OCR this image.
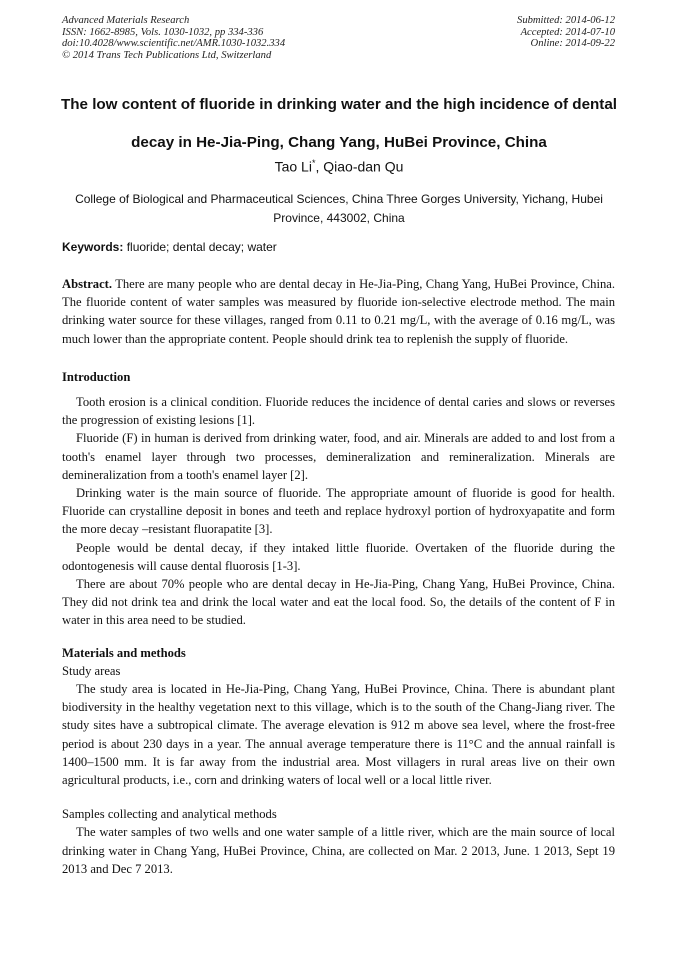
Advanced Materials Research
ISSN: 1662-8985, Vols. 1030-1032, pp 334-336
doi:10.4028/www.scientific.net/AMR.1030-1032.334
© 2014 Trans Tech Publications Ltd, Switzerland
Submitted: 2014-06-12
Accepted: 2014-07-10
Online: 2014-09-22
The low content of fluoride in drinking water and the high incidence of dental decay in He-Jia-Ping, Chang Yang, HuBei Province, China
Tao Li*, Qiao-dan Qu
College of Biological and Pharmaceutical Sciences, China Three Gorges University, Yichang, Hubei Province, 443002, China
Keywords: fluoride; dental decay; water

Abstract. There are many people who are dental decay in He-Jia-Ping, Chang Yang, HuBei Province, China. The fluoride content of water samples was measured by fluoride ion-selective electrode method. The main drinking water source for these villages, ranged from 0.11 to 0.21 mg/L, with the average of 0.16 mg/L, was much lower than the appropriate content. People should drink tea to replenish the supply of fluoride.

Introduction

Tooth erosion is a clinical condition. Fluoride reduces the incidence of dental caries and slows or reverses the progression of existing lesions [1].

Fluoride (F) in human is derived from drinking water, food, and air. Minerals are added to and lost from a tooth's enamel layer through two processes, demineralization and remineralization. Minerals are demineralization from a tooth's enamel layer [2].

Drinking water is the main source of fluoride. The appropriate amount of fluoride is good for health. Fluoride can crystalline deposit in bones and teeth and replace hydroxyl portion of hydroxyapatite and form the more decay –resistant fluorapatite [3].

People would be dental decay, if they intaked little fluoride. Overtaken of the fluoride during the odontogenesis will cause dental fluorosis [1-3].

There are about 70% people who are dental decay in He-Jia-Ping, Chang Yang, HuBei Province, China. They did not drink tea and drink the local water and eat the local food. So, the details of the content of F in water in this area need to be studied.

Materials and methods
Study areas

The study area is located in He-Jia-Ping, Chang Yang, HuBei Province, China. There is abundant plant biodiversity in the healthy vegetation next to this village, which is to the south of the Chang-Jiang river. The study sites have a subtropical climate. The average elevation is 912 m above sea level, where the frost-free period is about 230 days in a year. The annual average temperature there is 11°C and the annual rainfall is 1400–1500 mm. It is far away from the industrial area. Most villagers in rural areas live on their own agricultural products, i.e., corn and drinking waters of local well or a local little river.

Samples collecting and analytical methods

The water samples of two wells and one water sample of a little river, which are the main source of local drinking water in Chang Yang, HuBei Province, China, are collected on Mar. 2 2013, June. 1 2013, Sept 19 2013 and Dec 7 2013.
